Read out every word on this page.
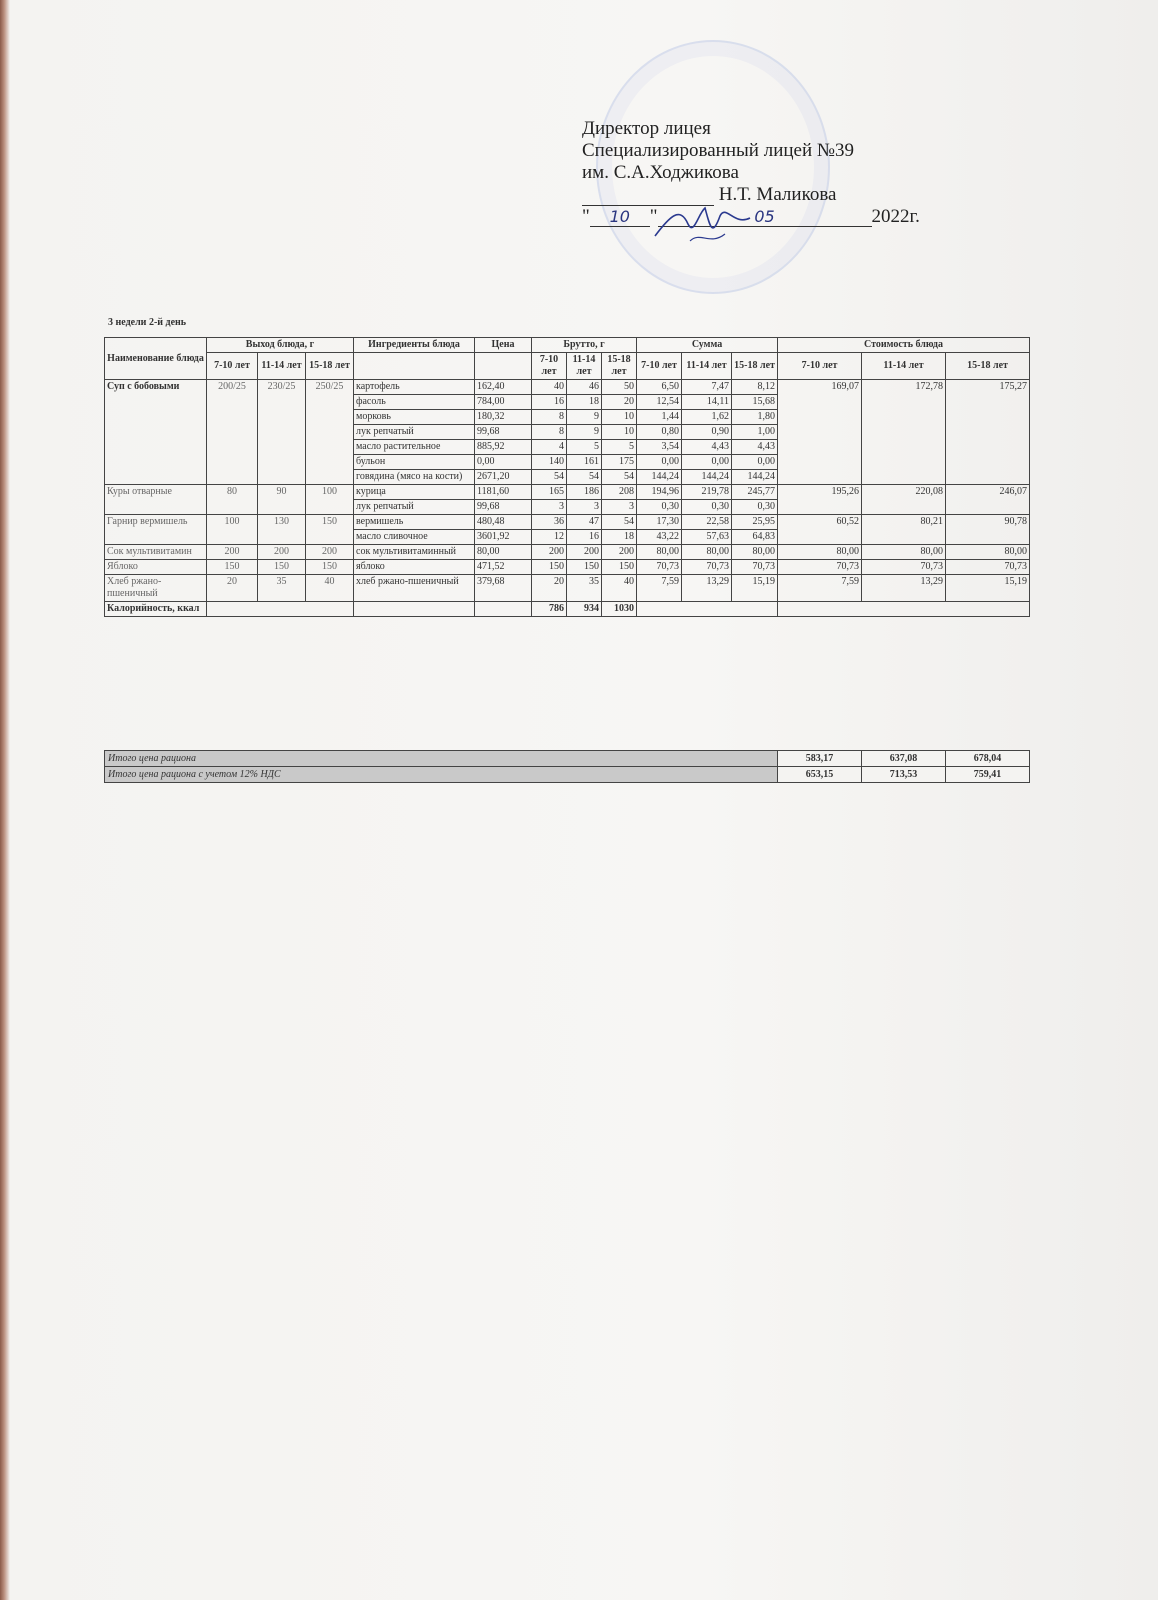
Директор лицея
Специализированный лицей №39
им. С.А.Ходжикова
Н.Т. Маликова
" 10 "	05	2022г.
3 недели 2-й день
Наименование блюда	Выход блюда, г			Ингредиенты блюда	Цена	Брутто, г			Сумма			Стоимость блюда		
	7-10 лет	11-14 лет	15-18 лет			7-10 лет	11-14 лет	15-18 лет	7-10 лет	11-14 лет	15-18 лет	7-10 лет	11-14 лет	15-18 лет
Суп с бобовыми	200/25	230/25	250/25	картофель	162,40	40	46	50	6,50	7,47	8,12	169,07	172,78	175,27
				фасоль	784,00	16	18	20	12,54	14,11	15,68			
				морковь	180,32	8	9	10	1,44	1,62	1,80			
				лук репчатый	99,68	8	9	10	0,80	0,90	1,00			
				масло растительное	885,92	4	5	5	3,54	4,43	4,43			
				бульон	0,00	140	161	175	0,00	0,00	0,00			
				говядина (мясо на кости)	2671,20	54	54	54	144,24	144,24	144,24			
Куры отварные	80	90	100	курица	1181,60	165	186	208	194,96	219,78	245,77	195,26	220,08	246,07
				лук репчатый	99,68	3	3	3	0,30	0,30	0,30			
Гарнир вермишель	100	130	150	вермишель	480,48	36	47	54	17,30	22,58	25,95	60,52	80,21	90,78
				масло сливочное	3601,92	12	16	18	43,22	57,63	64,83			
Сок мультивитамин	200	200	200	сок мультивитаминный	80,00	200	200	200	80,00	80,00	80,00	80,00	80,00	80,00
Яблоко	150	150	150	яблоко	471,52	150	150	150	70,73	70,73	70,73	70,73	70,73	70,73
Хлеб ржано-пшеничный	20	35	40	хлеб ржано-пшеничный	379,68	20	35	40	7,59	13,29	15,19	7,59	13,29	15,19
Калорийность, ккал						786	934	1030						
Итого цена рациона	583,17	637,08	678,04
Итого цена рациона с учетом 12% НДС	653,15	713,53	759,41
